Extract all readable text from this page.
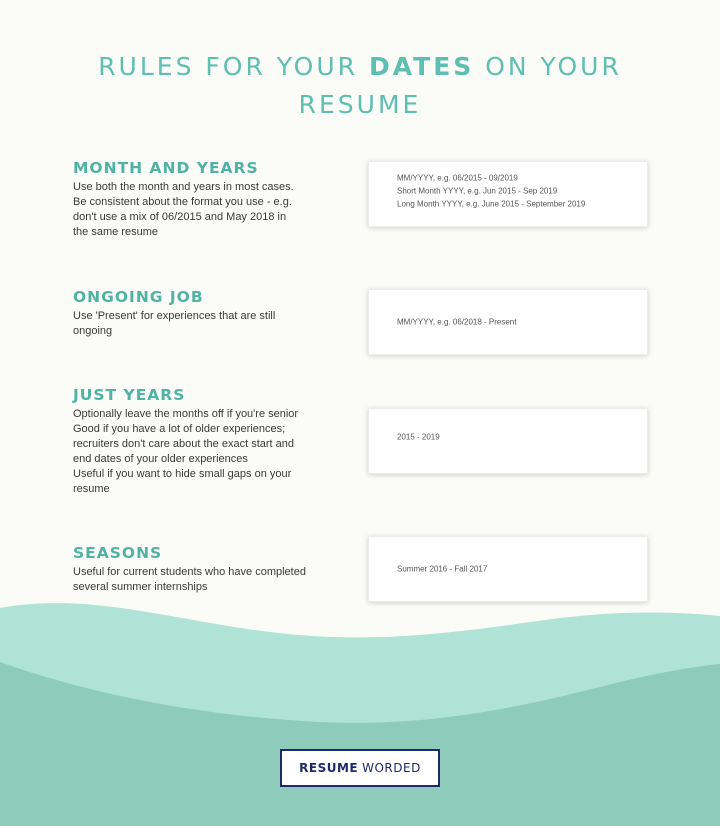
RULES FOR YOUR DATES ON YOUR
RESUME
MONTH AND YEARS
Use both the month and years in most cases.
Be consistent about the format you use - e.g.
don't use a mix of 06/2015 and May 2018 in
the same resume
MM/YYYY, e.g. 06/2015 - 09/2019
Short Month YYYY, e.g. Jun 2015 - Sep 2019
Long Month YYYY, e.g. June 2015 - September 2019
ONGOING JOB
Use 'Present' for experiences that are still
ongoing
MM/YYYY, e.g. 06/2018 - Present
JUST YEARS
Optionally leave the months off if you're senior
Good if you have a lot of older experiences;
recruiters don't care about the exact start and
end dates of your older experiences
Useful if you want to hide small gaps on your
resume
2015 - 2019
SEASONS
Useful for current students who have completed
several summer internships
Summer 2016 - Fall 2017
RESUME WORDED
